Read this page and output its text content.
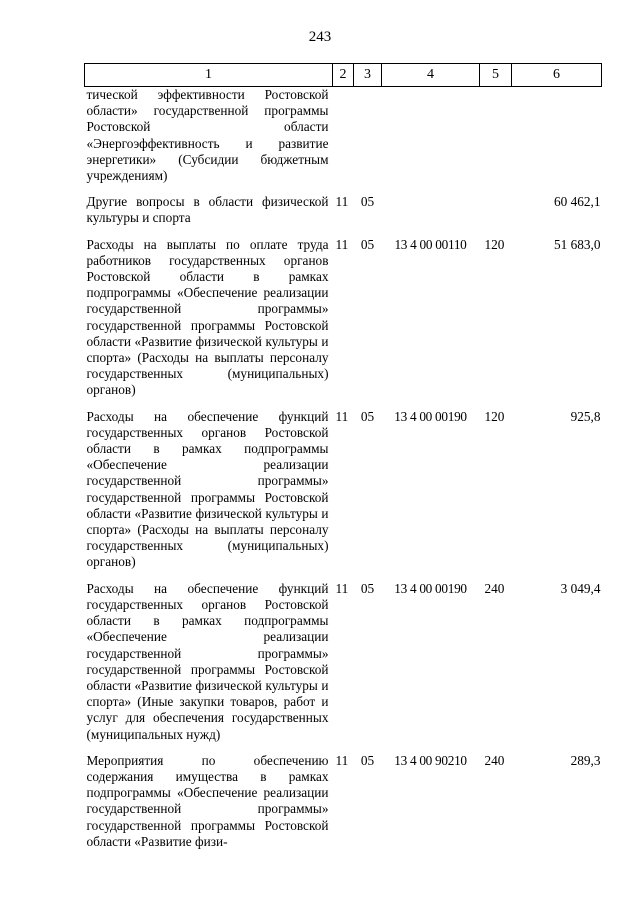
243
1	2	3	4	5	6
тической эффективности Ростовской области» государственной программы Ростовской области «Энергоэффективность и развитие энергетики» (Субсидии бюджетным учреждениям)					
Другие вопросы в области физической культуры и спорта	11	05			60 462,1
Расходы на выплаты по оплате труда работников государственных органов Ростовской области в рамках подпрограммы «Обеспечение реализации государственной программы» государственной программы Ростовской области «Развитие физической культуры и спорта» (Расходы на выплаты персоналу государственных (муниципальных) органов)	11	05	13 4 00 00110	120	51 683,0
Расходы на обеспечение функций государственных органов Ростовской области в рамках подпрограммы «Обеспечение реализации государственной программы» государственной программы Ростовской области «Развитие физической культуры и спорта» (Расходы на выплаты персоналу государственных (муниципальных) органов)	11	05	13 4 00 00190	120	925,8
Расходы на обеспечение функций государственных органов Ростовской области в рамках подпрограммы «Обеспечение реализации государственной программы» государственной программы Ростовской области «Развитие физической культуры и спорта» (Иные закупки товаров, работ и услуг для обеспечения государственных (муниципальных нужд)	11	05	13 4 00 00190	240	3 049,4
Мероприятия по обеспечению содержания имущества в рамках подпрограммы «Обеспечение реализации государственной программы» государственной программы Ростовской области «Развитие физи-	11	05	13 4 00 90210	240	289,3
